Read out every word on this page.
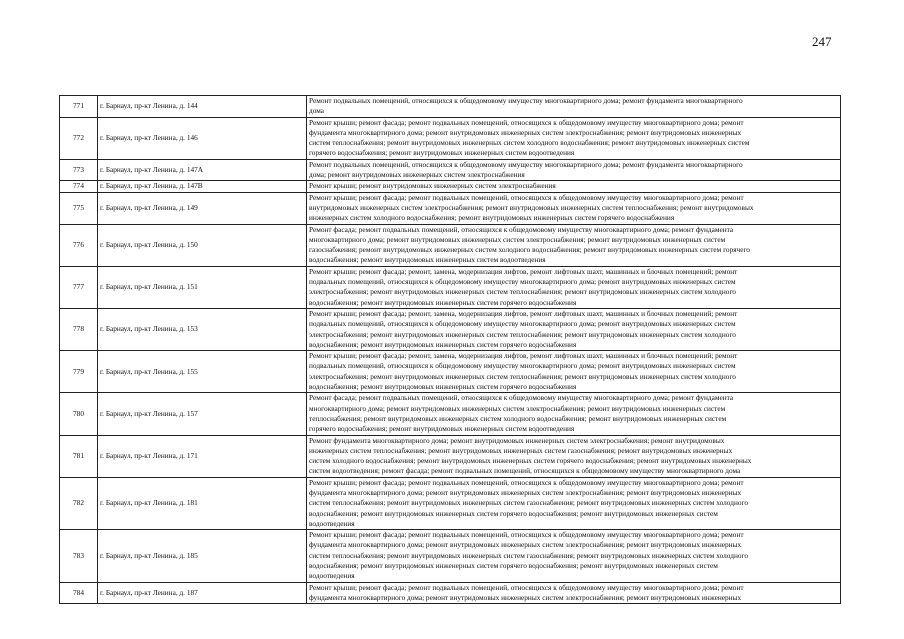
247
771	г. Барнаул, пр-кт Ленина, д. 144	Ремонт подвальных помещений, относящихся к общедомовому имуществу многоквартирного дома; ремонт фундамента многоквартирного
дома

772	г. Барнаул, пр-кт Ленина, д. 146	Ремонт крыши; ремонт фасада; ремонт подвальных помещений, относящихся к общедомовому имуществу многоквартирного дома; ремонт
фундамента многоквартирного дома; ремонт внутридомовых инженерных систем электроснабжения; ремонт внутридомовых инженерных
систем теплоснабжения; ремонт внутридомовых инженерных систем холодного водоснабжения; ремонт внутридомовых инженерных систем
горячего водоснабжения; ремонт внутридомовых инженерных систем водоотведения

773	г. Барнаул, пр-кт Ленина, д. 147А	Ремонт подвальных помещений, относящихся к общедомовому имуществу многоквартирного дома; ремонт фундамента многоквартирного
дома; ремонт внутридомовых инженерных систем электроснабжения

774	г. Барнаул, пр-кт Ленина, д. 147В	Ремонт крыши; ремонт внутридомовых инженерных систем электроснабжения

775	г. Барнаул, пр-кт Ленина, д. 149	Ремонт крыши; ремонт фасада; ремонт подвальных помещений, относящихся к общедомовому имуществу многоквартирного дома; ремонт
внутридомовых инженерных систем электроснабжения; ремонт внутридомовых инженерных систем теплоснабжения; ремонт внутридомовых
инженерных систем холодного водоснабжения; ремонт внутридомовых инженерных систем горячего водоснабжения

776	г. Барнаул, пр-кт Ленина, д. 150	Ремонт фасада; ремонт подвальных помещений, относящихся к общедомовому имуществу многоквартирного дома; ремонт фундамента
многоквартирного дома; ремонт внутридомовых инженерных систем электроснабжения; ремонт внутридомовых инженерных систем
газоснабжения; ремонт внутридомовых инженерных систем холодного водоснабжения; ремонт внутридомовых инженерных систем горячего
водоснабжения; ремонт внутридомовых инженерных систем водоотведения

777	г. Барнаул, пр-кт Ленина, д. 151	Ремонт крыши; ремонт фасада; ремонт, замена, модернизация лифтов, ремонт лифтовых шахт, машинных и блочных помещений; ремонт
подвальных помещений, относящихся к общедомовому имуществу многоквартирного дома; ремонт внутридомовых инженерных систем
электроснабжения; ремонт внутридомовых инженерных систем теплоснабжения; ремонт внутридомовых инженерных систем холодного
водоснабжения; ремонт внутридомовых инженерных систем горячего водоснабжения

778	г. Барнаул, пр-кт Ленина, д. 153	Ремонт крыши; ремонт фасада; ремонт, замена, модернизация лифтов, ремонт лифтовых шахт, машинных и блочных помещений; ремонт
подвальных помещений, относящихся к общедомовому имуществу многоквартирного дома; ремонт внутридомовых инженерных систем
электроснабжения; ремонт внутридомовых инженерных систем теплоснабжения; ремонт внутридомовых инженерных систем холодного
водоснабжения; ремонт внутридомовых инженерных систем горячего водоснабжения

779	г. Барнаул, пр-кт Ленина, д. 155	Ремонт крыши; ремонт фасада; ремонт, замена, модернизация лифтов, ремонт лифтовых шахт, машинных и блочных помещений; ремонт
подвальных помещений, относящихся к общедомовому имуществу многоквартирного дома; ремонт внутридомовых инженерных систем
электроснабжения; ремонт внутридомовых инженерных систем теплоснабжения; ремонт внутридомовых инженерных систем холодного
водоснабжения; ремонт внутридомовых инженерных систем горячего водоснабжения

780	г. Барнаул, пр-кт Ленина, д. 157	Ремонт фасада; ремонт подвальных помещений, относящихся к общедомовому имуществу многоквартирного дома; ремонт фундамента
многоквартирного дома; ремонт внутридомовых инженерных систем электроснабжения; ремонт внутридомовых инженерных систем
теплоснабжения; ремонт внутридомовых инженерных систем холодного водоснабжения; ремонт внутридомовых инженерных систем
горячего водоснабжения; ремонт внутридомовых инженерных систем водоотведения

781	г. Барнаул, пр-кт Ленина, д. 171	Ремонт фундамента многоквартирного дома; ремонт внутридомовых инженерных систем электроснабжения; ремонт внутридомовых
инженерных систем теплоснабжения; ремонт внутридомовых инженерных систем газоснабжения; ремонт внутридомовых инженерных
систем холодного водоснабжения; ремонт внутридомовых инженерных систем горячего водоснабжения; ремонт внутридомовых инженерных
систем водоотведения; ремонт фасада; ремонт подвальных помещений, относящихся к общедомовому имуществу многоквартирного дома

782	г. Барнаул, пр-кт Ленина, д. 181	Ремонт крыши; ремонт фасада; ремонт подвальных помещений, относящихся к общедомовому имуществу многоквартирного дома; ремонт
фундамента многоквартирного дома; ремонт внутридомовых инженерных систем электроснабжения; ремонт внутридомовых инженерных
систем теплоснабжения; ремонт внутридомовых инженерных систем газоснабжения; ремонт внутридомовых инженерных систем холодного
водоснабжения; ремонт внутридомовых инженерных систем горячего водоснабжения; ремонт внутридомовых инженерных систем
водоотведения

783	г. Барнаул, пр-кт Ленина, д. 185	Ремонт крыши; ремонт фасада; ремонт подвальных помещений, относящихся к общедомовому имуществу многоквартирного дома; ремонт
фундамента многоквартирного дома; ремонт внутридомовых инженерных систем электроснабжения; ремонт внутридомовых инженерных
систем теплоснабжения; ремонт внутридомовых инженерных систем газоснабжения; ремонт внутридомовых инженерных систем холодного
водоснабжения; ремонт внутридомовых инженерных систем горячего водоснабжения; ремонт внутридомовых инженерных систем
водоотведения

784	г. Барнаул, пр-кт Ленина, д. 187	Ремонт крыши; ремонт фасада; ремонт подвальных помещений, относящихся к общедомовому имуществу многоквартирного дома; ремонт
фундамента многоквартирного дома; ремонт внутридомовых инженерных систем электроснабжения; ремонт внутридомовых инженерных
